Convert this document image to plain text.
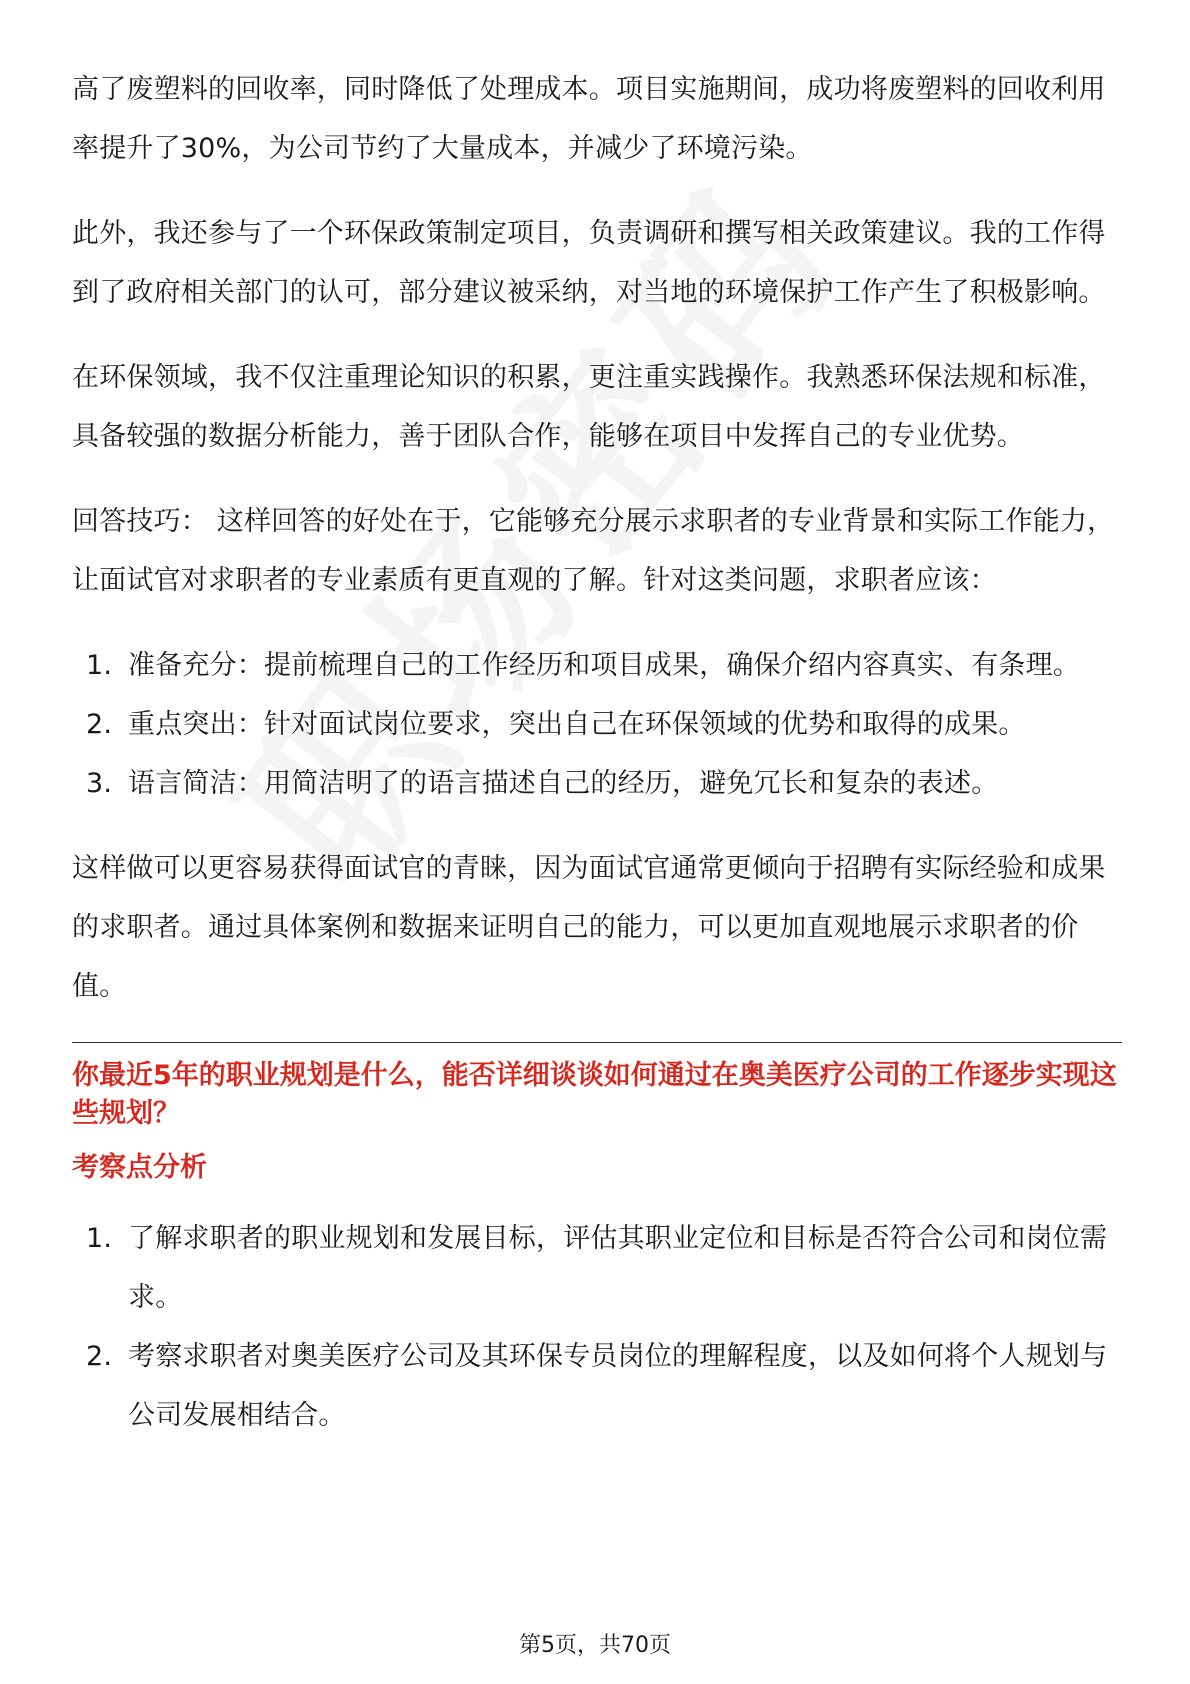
高了废塑料的回收率，同时降低了处理成本。项目实施期间，成功将废塑料的回收利用率提升了30%，为公司节约了大量成本，并减少了环境污染。

此外，我还参与了一个环保政策制定项目，负责调研和撰写相关政策建议。我的工作得到了政府相关部门的认可，部分建议被采纳，对当地的环境保护工作产生了积极影响。

在环保领域，我不仅注重理论知识的积累，更注重实践操作。我熟悉环保法规和标准，具备较强的数据分析能力，善于团队合作，能够在项目中发挥自己的专业优势。

回答技巧： 这样回答的好处在于，它能够充分展示求职者的专业背景和实际工作能力，让面试官对求职者的专业素质有更直观的了解。针对这类问题，求职者应该：

1. 准备充分：提前梳理自己的工作经历和项目成果，确保介绍内容真实、有条理。
2. 重点突出：针对面试岗位要求，突出自己在环保领域的优势和取得的成果。
3. 语言简洁：用简洁明了的语言描述自己的经历，避免冗长和复杂的表述。

这样做可以更容易获得面试官的青睐，因为面试官通常更倾向于招聘有实际经验和成果的求职者。通过具体案例和数据来证明自己的能力，可以更加直观地展示求职者的价值。

你最近5年的职业规划是什么，能否详细谈谈如何通过在奥美医疗公司的工作逐步实现这些规划？
考察点分析
1. 了解求职者的职业规划和发展目标，评估其职业定位和目标是否符合公司和岗位需求。
2. 考察求职者对奥美医疗公司及其环保专员岗位的理解程度，以及如何将个人规划与公司发展相结合。
第5页，共70页
